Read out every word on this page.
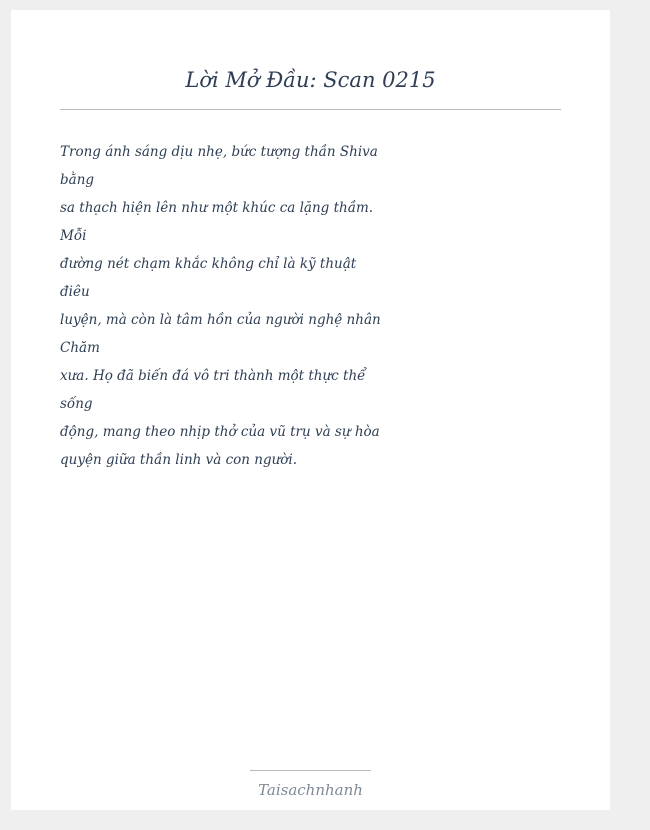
Lời Mở Đầu: Scan 0215
Trong ánh sáng dịu nhẹ, bức tượng thần Shiva
bằng
sa thạch hiện lên như một khúc ca lặng thầm.
Mỗi
đường nét chạm khắc không chỉ là kỹ thuật
điêu
luyện, mà còn là tâm hồn của người nghệ nhân
Chăm
xưa. Họ đã biến đá vô tri thành một thực thể
sống
động, mang theo nhịp thở của vũ trụ và sự hòa
quyện giữa thần linh và con người.
Taisachnhanh
